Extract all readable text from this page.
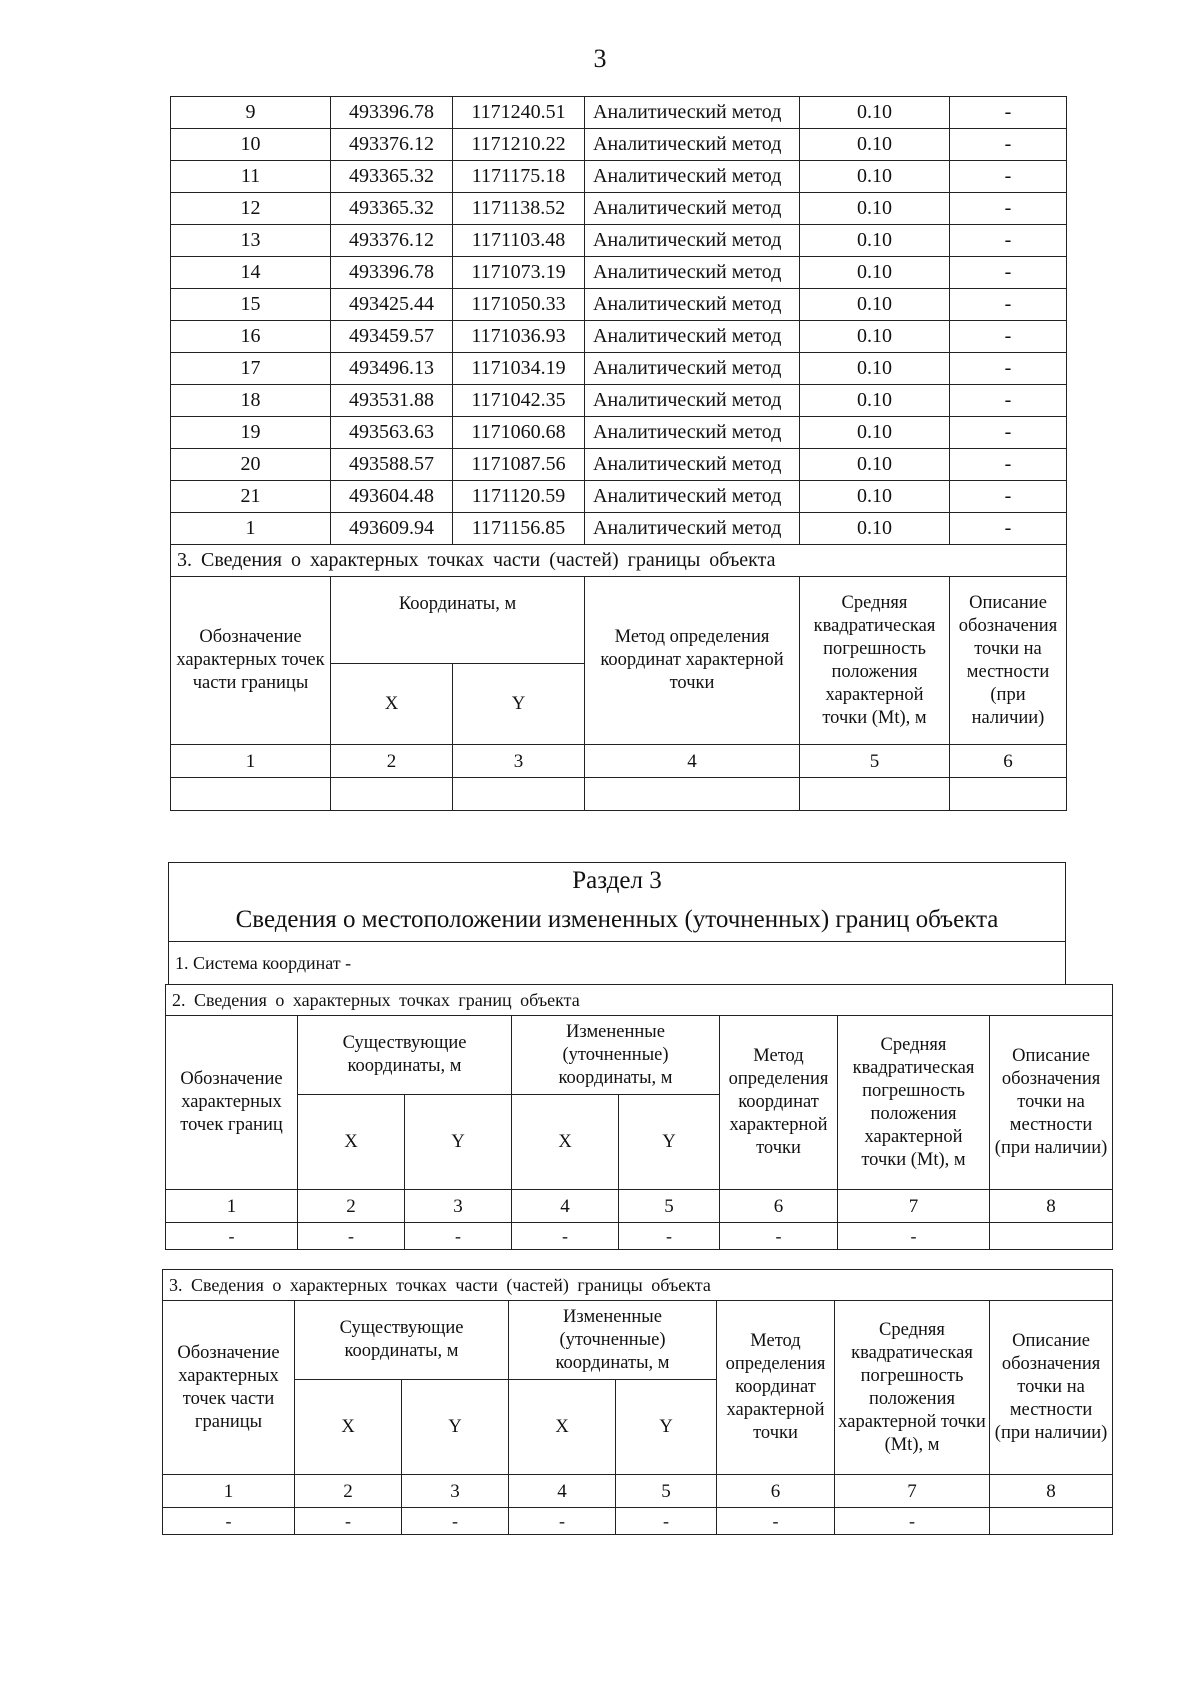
3
9	493396.78	1171240.51	Аналитический метод	0.10	-
10	493376.12	1171210.22	Аналитический метод	0.10	-
11	493365.32	1171175.18	Аналитический метод	0.10	-
12	493365.32	1171138.52	Аналитический метод	0.10	-
13	493376.12	1171103.48	Аналитический метод	0.10	-
14	493396.78	1171073.19	Аналитический метод	0.10	-
15	493425.44	1171050.33	Аналитический метод	0.10	-
16	493459.57	1171036.93	Аналитический метод	0.10	-
17	493496.13	1171034.19	Аналитический метод	0.10	-
18	493531.88	1171042.35	Аналитический метод	0.10	-
19	493563.63	1171060.68	Аналитический метод	0.10	-
20	493588.57	1171087.56	Аналитический метод	0.10	-
21	493604.48	1171120.59	Аналитический метод	0.10	-
1	493609.94	1171156.85	Аналитический метод	0.10	-
3. Сведения о характерных точках части (частей) границы объекта					
Обозначение характерных точек части границы	Координаты, м		Метод определения координат характерной точки	Средняя квадратическая погрешность положения характерной точки (Mt), м	Описание обозначения точки на местности (при наличии)
	X	Y			
1	2	3	4	5	6

Раздел 3
Сведения о местоположении измененных (уточненных) границ объекта
1. Система координат -
2. Сведения о характерных точках границ объекта							
Обозначение характерных точек границ	Существующие координаты, м		Измененные (уточненные) координаты, м		Метод определения координат характерной точки	Средняя квадратическая погрешность положения характерной точки (Mt), м	Описание обозначения точки на местности (при наличии)
	X	Y	X	Y			
1	2	3	4	5	6	7	8
-	-	-	-	-	-	-	
3. Сведения о характерных точках части (частей) границы объекта							
Обозначение характерных точек части границы	Существующие координаты, м		Измененные (уточненные) координаты, м		Метод определения координат характерной точки	Средняя квадратическая погрешность положения характерной точки (Mt), м	Описание обозначения точки на местности (при наличии)
	X	Y	X	Y			
1	2	3	4	5	6	7	8
-	-	-	-	-	-	-	
